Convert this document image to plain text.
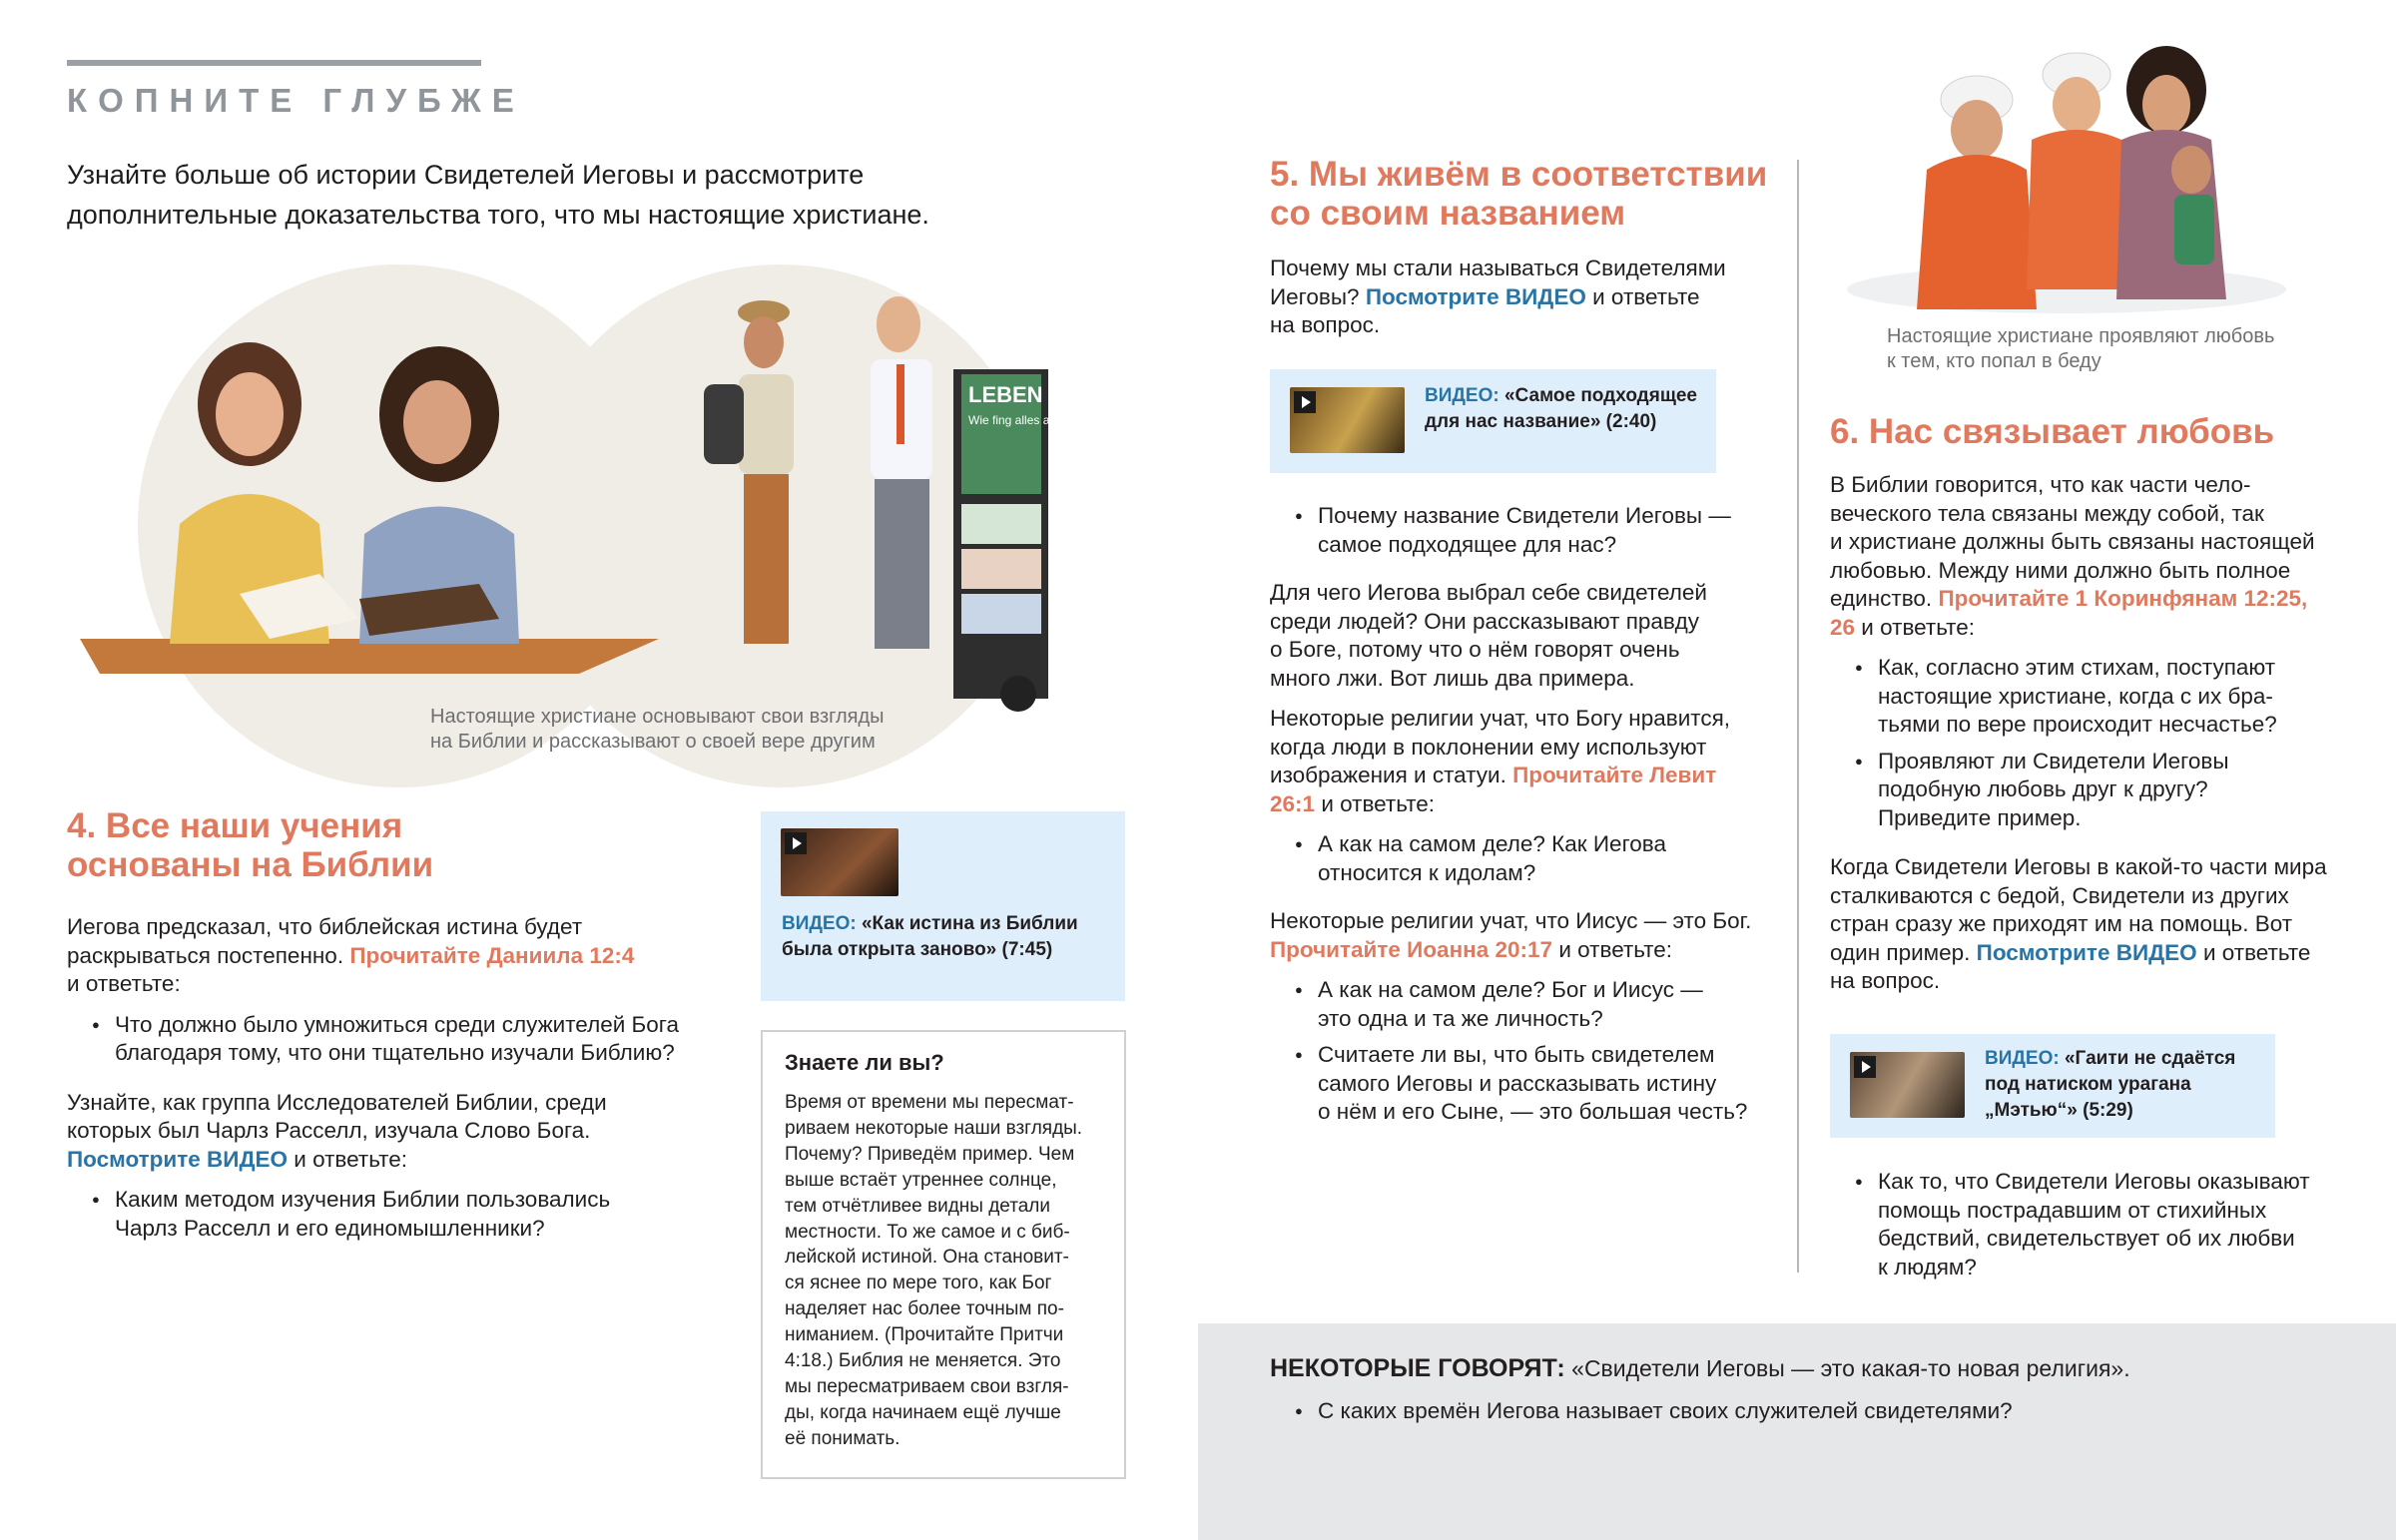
КОПНИТЕ ГЛУБЖЕ
Узнайте больше об истории Свидетелей Иеговы и рассмотрите
дополнительные доказательства того, что мы настоящие христиане.
LEBEN
Wie fing alles an?
Настоящие христиане основывают свои взгляды
на Библии и рассказывают о своей вере другим
4. Все наши учения
основаны на Библии

Иегова предсказал, что библейская истина будет
раскрываться постепенно. Прочитайте Даниила 12:4
и ответьте:

● Что должно было умножиться среди служителей Бога
благодаря тому, что они тщательно изучали Библию?

Узнайте, как группа Исследователей Библии, среди
которых был Чарлз Расселл, изучала Слово Бога.
Посмотрите ВИДЕО и ответьте:

● Каким методом изучения Библии пользовались
Чарлз Расселл и его единомышленники?
ВИДЕО: «Как истина из Библии
была открыта заново» (7:45)
Знаете ли вы?
Время от времени мы пересмат-
риваем некоторые наши взгляды.
Почему? Приведём пример. Чем
выше встаёт утреннее солнце,
тем отчётливее видны детали
местности. То же самое и с биб-
лейской истиной. Она становит-
ся яснее по мере того, как Бог
наделяет нас более точным по-
ниманием. (Прочитайте Притчи
4:18.) Библия не меняется. Это
мы пересматриваем свои взгля-
ды, когда начинаем ещё лучше
её понимать.
5. Мы живём в соответствии
со своим названием

Почему мы стали называться Свидетелями
Иеговы? Посмотрите ВИДЕО и ответьте
на вопрос.

ВИДЕО: «Самое подходящее
для нас название» (2:40)
● Почему название Свидетели Иеговы —
самое подходящее для нас?

Для чего Иегова выбрал себе свидетелей
среди людей? Они рассказывают правду
о Боге, потому что о нём говорят очень
много лжи. Вот лишь два примера.

Некоторые религии учат, что Богу нравится,
когда люди в поклонении ему используют
изображения и статуи. Прочитайте Левит
26:1 и ответьте:

● А как на самом деле? Как Иегова
относится к идолам?

Некоторые религии учат, что Иисус — это Бог.
Прочитайте Иоанна 20:17 и ответьте:

● А как на самом деле? Бог и Иисус —
это одна и та же личность?
● Считаете ли вы, что быть свидетелем
самого Иеговы и рассказывать истину
о нём и его Сыне, — это большая честь?
Настоящие христиане проявляют любовь
к тем, кто попал в беду
6. Нас связывает любовь

В Библии говорится, что как части чело-
веческого тела связаны между собой, так
и христиане должны быть связаны настоящей
любовью. Между ними должно быть полное

единство. Прочитайте 1 Коринфянам 12:25,
26 и ответьте:

● Как, согласно этим стихам, поступают
настоящие христиане, когда с их бра-
тьями по вере происходит несчастье?
● Проявляют ли Свидетели Иеговы
подобную любовь друг к другу?
Приведите пример.

Когда Свидетели Иеговы в какой-то части мира
сталкиваются с бедой, Свидетели из других
стран сразу же приходят им на помощь. Вот

один пример. Посмотрите ВИДЕО и ответьте
на вопрос.

ВИДЕО: «Гаити не сдаётся
под натиском урагана
„Мэтью“» (5:29)
● Как то, что Свидетели Иеговы оказывают
помощь пострадавшим от стихийных
бедствий, свидетельствует об их любви
к людям?
НЕКОТОРЫЕ ГОВОРЯТ: «Свидетели Иеговы — это какая-то новая религия».
● С каких времён Иегова называет своих служителей свидетелями?
